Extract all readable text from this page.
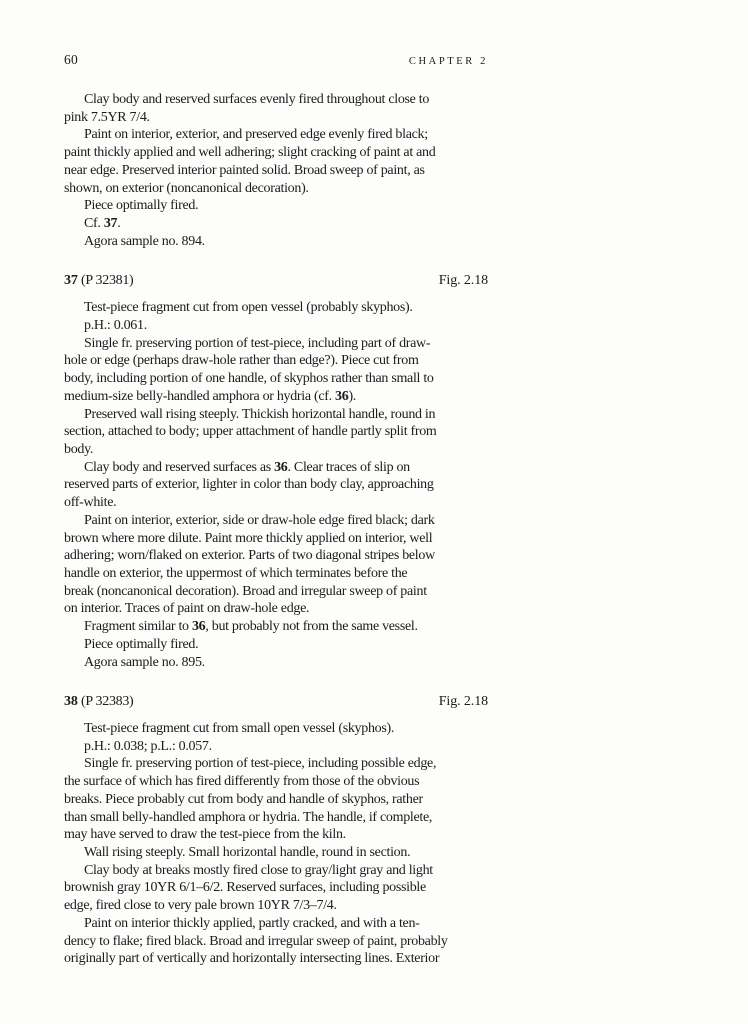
60	CHAPTER 2
Clay body and reserved surfaces evenly fired throughout close to
pink 7.5YR 7/4.
Paint on interior, exterior, and preserved edge evenly fired black;
paint thickly applied and well adhering; slight cracking of paint at and
near edge. Preserved interior painted solid. Broad sweep of paint, as
shown, on exterior (noncanonical decoration).
Piece optimally fired.
Cf. 37.
Agora sample no. 894.
37 (P 32381)	Fig. 2.18
Test-piece fragment cut from open vessel (probably skyphos).
p.H.: 0.061.
Single fr. preserving portion of test-piece, including part of draw-
hole or edge (perhaps draw-hole rather than edge?). Piece cut from
body, including portion of one handle, of skyphos rather than small to
medium-size belly-handled amphora or hydria (cf. 36).
Preserved wall rising steeply. Thickish horizontal handle, round in
section, attached to body; upper attachment of handle partly split from
body.
Clay body and reserved surfaces as 36. Clear traces of slip on
reserved parts of exterior, lighter in color than body clay, approaching
off-white.
Paint on interior, exterior, side or draw-hole edge fired black; dark
brown where more dilute. Paint more thickly applied on interior, well
adhering; worn/flaked on exterior. Parts of two diagonal stripes below
handle on exterior, the uppermost of which terminates before the
break (noncanonical decoration). Broad and irregular sweep of paint
on interior. Traces of paint on draw-hole edge.
Fragment similar to 36, but probably not from the same vessel.
Piece optimally fired.
Agora sample no. 895.
38 (P 32383)	Fig. 2.18
Test-piece fragment cut from small open vessel (skyphos).
p.H.: 0.038; p.L.: 0.057.
Single fr. preserving portion of test-piece, including possible edge,
the surface of which has fired differently from those of the obvious
breaks. Piece probably cut from body and handle of skyphos, rather
than small belly-handled amphora or hydria. The handle, if complete,
may have served to draw the test-piece from the kiln.
Wall rising steeply. Small horizontal handle, round in section.
Clay body at breaks mostly fired close to gray/light gray and light
brownish gray 10YR 6/1–6/2. Reserved surfaces, including possible
edge, fired close to very pale brown 10YR 7/3–7/4.
Paint on interior thickly applied, partly cracked, and with a ten-
dency to flake; fired black. Broad and irregular sweep of paint, probably
originally part of vertically and horizontally intersecting lines. Exterior
